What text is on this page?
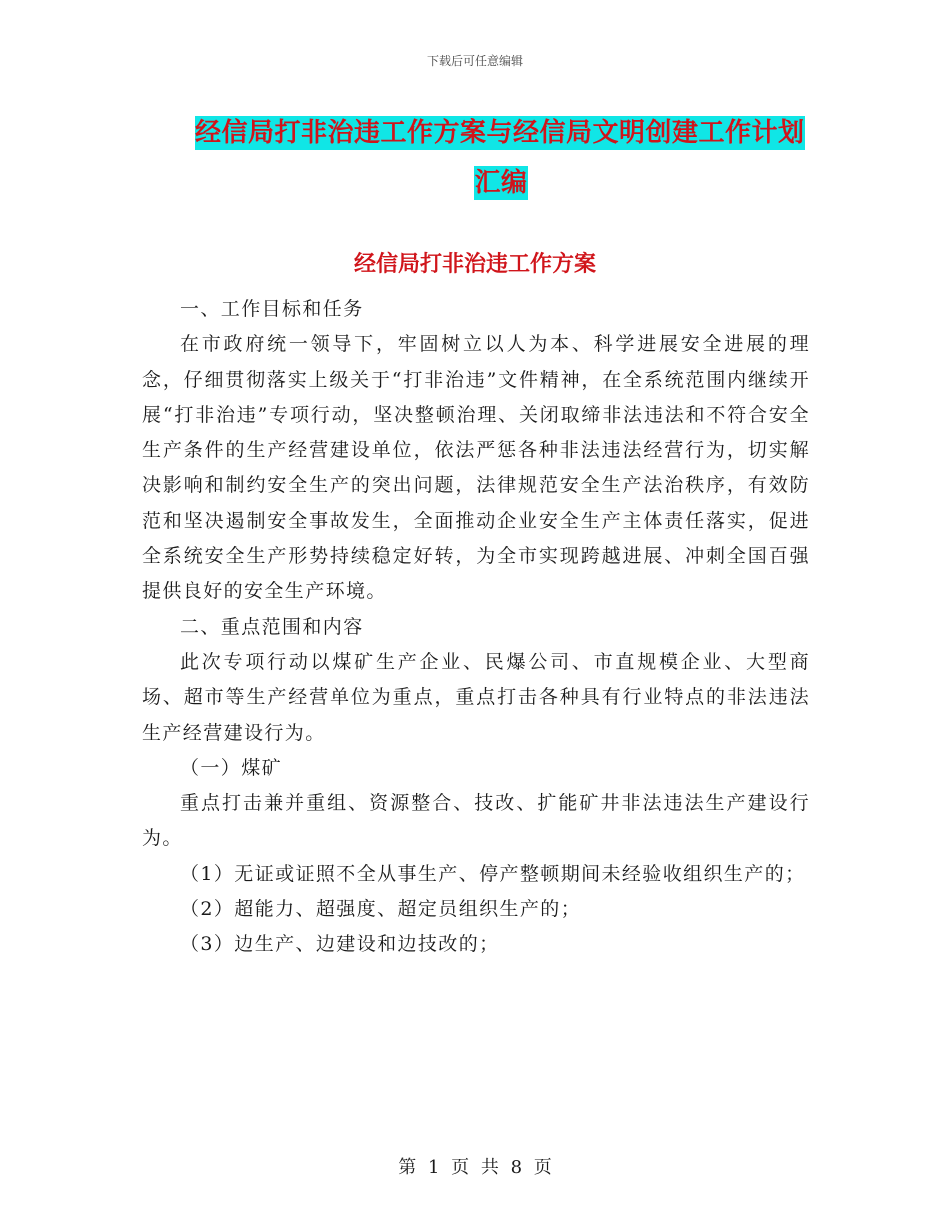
下载后可任意编辑
经信局打非治违工作方案与经信局文明创建工作计划
汇编
经信局打非治违工作方案

一、工作目标和任务

在市政府统一领导下，牢固树立以人为本、科学进展安全进展的理念，仔细贯彻落实上级关于“打非治违”文件精神，在全系统范围内继续开展“打非治违”专项行动，坚决整顿治理、关闭取缔非法违法和不符合安全生产条件的生产经营建设单位，依法严惩各种非法违法经营行为，切实解决影响和制约安全生产的突出问题，法律规范安全生产法治秩序，有效防范和坚决遏制安全事故发生，全面推动企业安全生产主体责任落实，促进全系统安全生产形势持续稳定好转，为全市实现跨越进展、冲刺全国百强提供良好的安全生产环境。

二、重点范围和内容

此次专项行动以煤矿生产企业、民爆公司、市直规模企业、大型商场、超市等生产经营单位为重点，重点打击各种具有行业特点的非法违法生产经营建设行为。

（一）煤矿

重点打击兼并重组、资源整合、技改、扩能矿井非法违法生产建设行为。

（1）无证或证照不全从事生产、停产整顿期间未经验收组织生产的；

（2）超能力、超强度、超定员组织生产的；

（3）边生产、边建设和边技改的；

第 1 页 共 8 页
